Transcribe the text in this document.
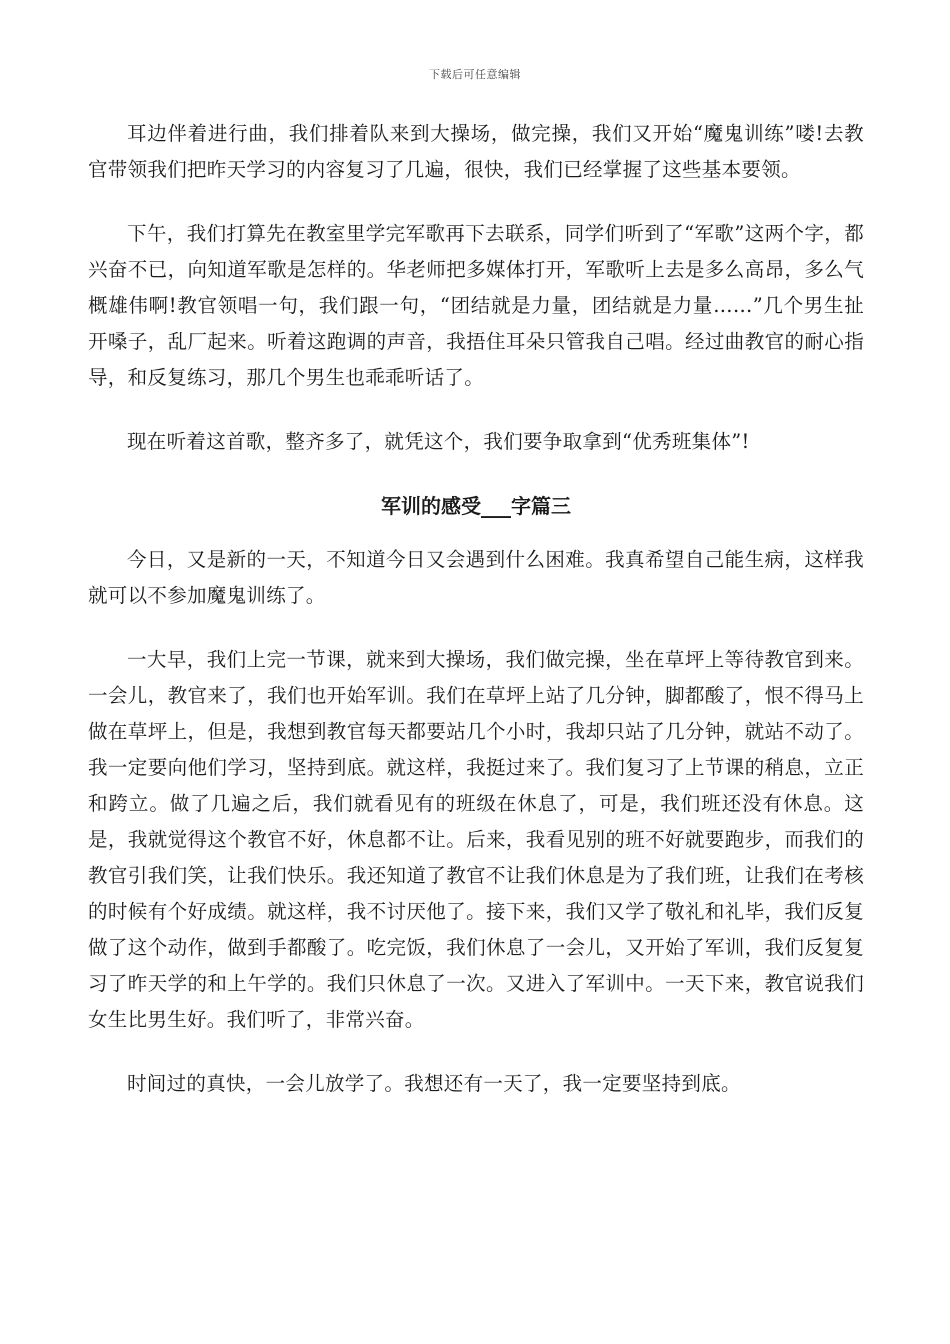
下载后可任意编辑

耳边伴着进行曲，我们排着队来到大操场，做完操，我们又开始“魔鬼训练”喽!去教官带领我们把昨天学习的内容复习了几遍，很快，我们已经掌握了这些基本要领。

下午，我们打算先在教室里学完军歌再下去联系，同学们听到了“军歌”这两个字，都兴奋不已，向知道军歌是怎样的。华老师把多媒体打开，军歌听上去是多么高昂，多么气概雄伟啊!教官领唱一句，我们跟一句，“团结就是力量，团结就是力量……”几个男生扯开嗓子，乱厂起来。听着这跑调的声音，我捂住耳朵只管我自己唱。经过曲教官的耐心指导，和反复练习，那几个男生也乖乖听话了。

现在听着这首歌，整齐多了，就凭这个，我们要争取拿到“优秀班集体”!

军训的感受___字篇三

今日，又是新的一天，不知道今日又会遇到什么困难。我真希望自己能生病，这样我就可以不参加魔鬼训练了。

一大早，我们上完一节课，就来到大操场，我们做完操，坐在草坪上等待教官到来。一会儿，教官来了，我们也开始军训。我们在草坪上站了几分钟，脚都酸了，恨不得马上做在草坪上，但是，我想到教官每天都要站几个小时，我却只站了几分钟，就站不动了。我一定要向他们学习，坚持到底。就这样，我挺过来了。我们复习了上节课的稍息，立正和跨立。做了几遍之后，我们就看见有的班级在休息了，可是，我们班还没有休息。这是，我就觉得这个教官不好，休息都不让。后来，我看见别的班不好就要跑步，而我们的教官引我们笑，让我们快乐。我还知道了教官不让我们休息是为了我们班，让我们在考核的时候有个好成绩。就这样，我不讨厌他了。接下来，我们又学了敬礼和礼毕，我们反复做了这个动作，做到手都酸了。吃完饭，我们休息了一会儿，又开始了军训，我们反复复习了昨天学的和上午学的。我们只休息了一次。又进入了军训中。一天下来，教官说我们女生比男生好。我们听了，非常兴奋。

时间过的真快，一会儿放学了。我想还有一天了，我一定要坚持到底。
